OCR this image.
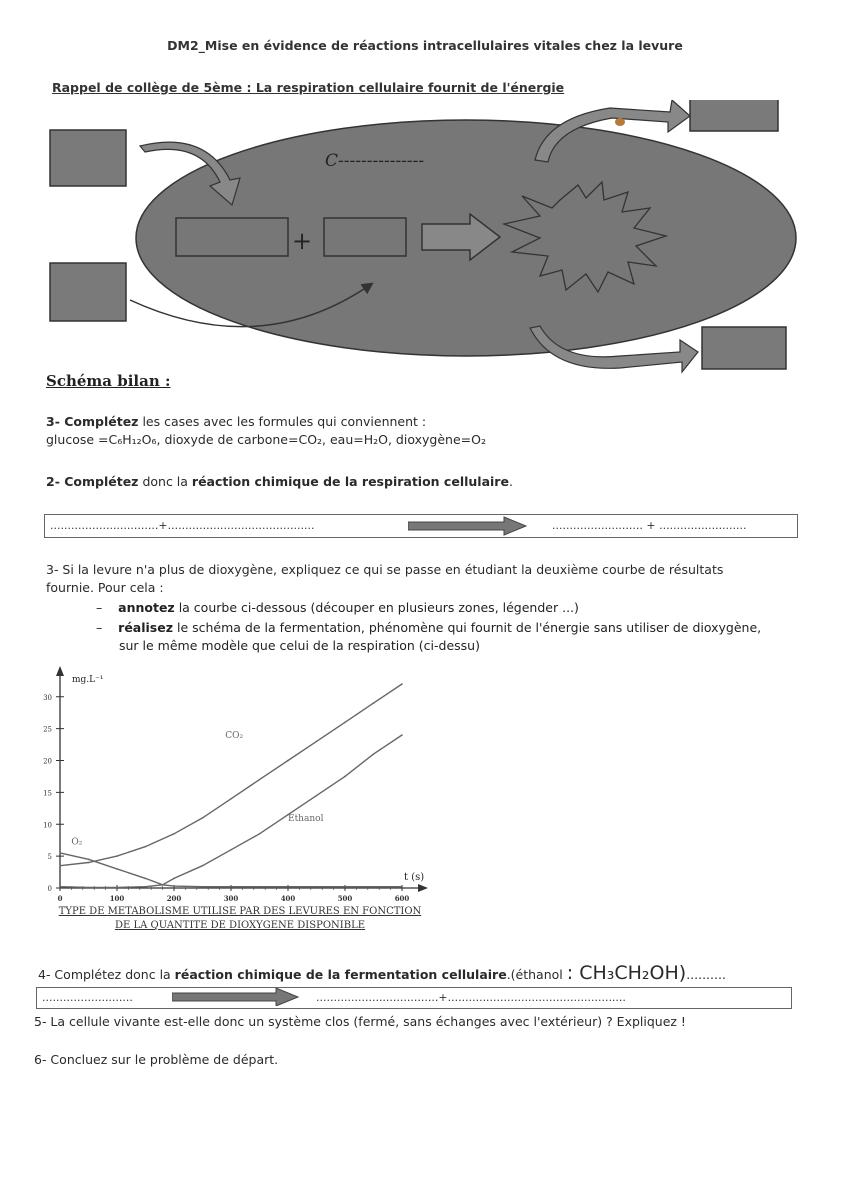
DM2_Mise en évidence de réactions intracellulaires vitales chez la levure
Rappel de collège de 5ème : La respiration cellulaire fournit de l'énergie
+
C---------------
Schéma bilan :
3- Complétez les cases avec les formules qui conviennent :
glucose =C₆H₁₂O₆, dioxyde de carbone=CO₂, eau=H₂O, dioxygène=O₂
2- Complétez donc la réaction chimique de la respiration cellulaire.
...............................+..........................................	.......................... + .........................
3- Si la levure n'a plus de dioxygène, expliquez ce qui se passe en étudiant la deuxième courbe de résultats
fournie. Pour cela :
– annotez la courbe ci-dessous (découper en plusieurs zones, légender ...)
– réalisez le schéma de la fermentation, phénomène qui fournit de l'énergie sans utiliser de dioxygène,
sur le même modèle que celui de la respiration (ci-dessu)
0
5
10
15
20
25
30
0	100	200	300	400	500	600
mg.L⁻¹
t (s)
CO₂
Ethanol
O₂
TYPE DE METABOLISME UTILISE PAR DES LEVURES EN FONCTION
DE LA QUANTITE DE DIOXYGENE DISPONIBLE
4- Complétez donc la réaction chimique de la fermentation cellulaire.(éthanol : CH₃CH₂OH)..........
..........................	...................................+...................................................
5- La cellule vivante est-elle donc un système clos (fermé, sans échanges avec l'extérieur) ? Expliquez !
6- Concluez sur le problème de départ.
